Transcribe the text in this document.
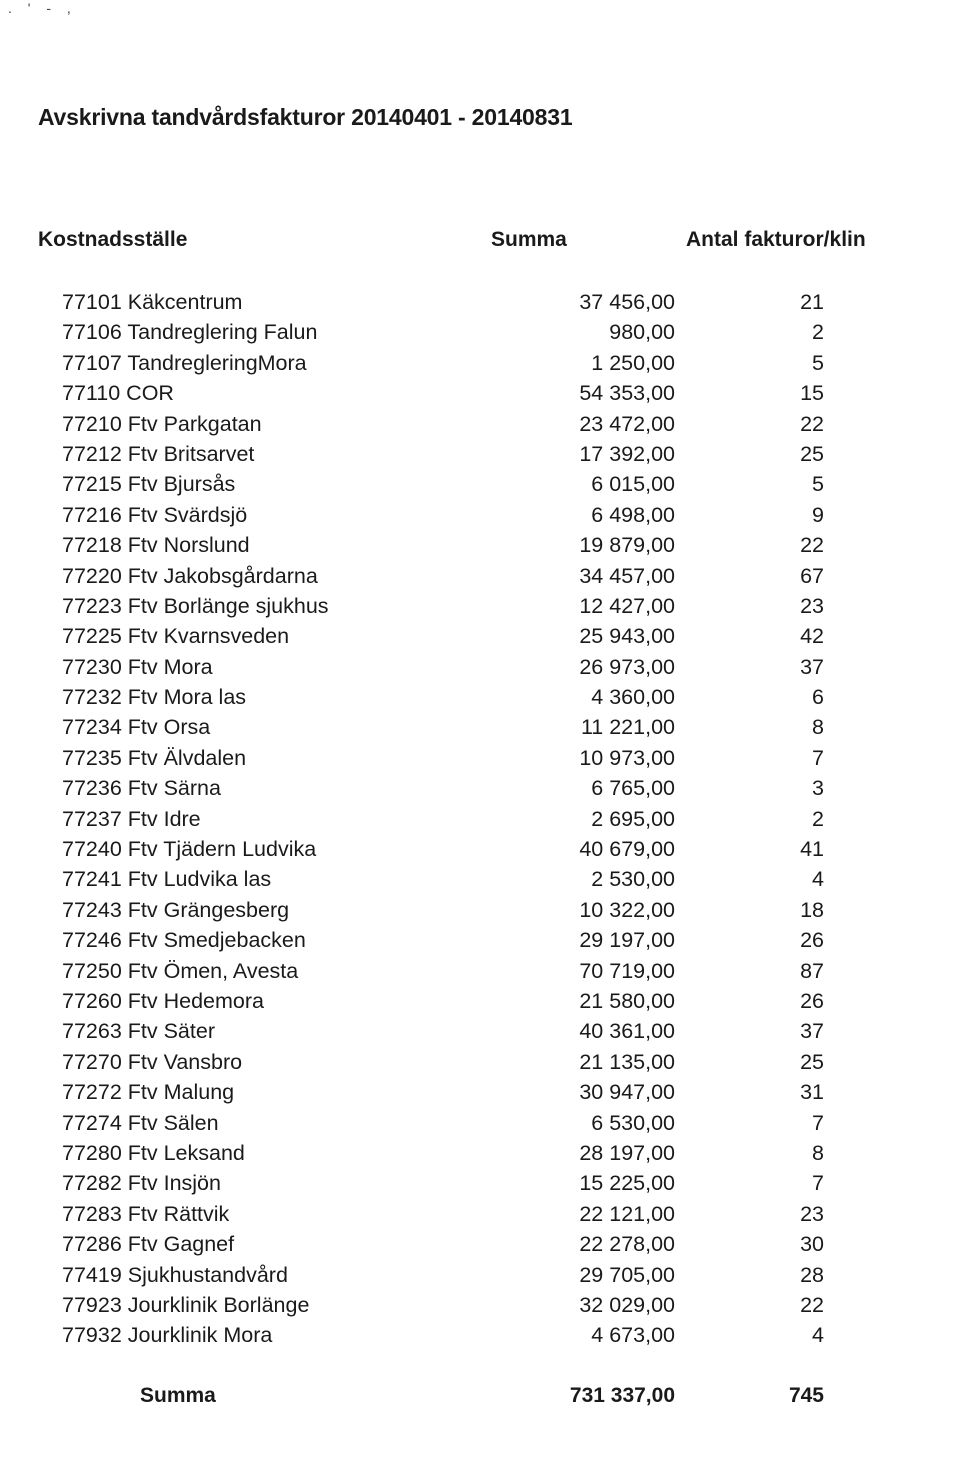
. ' - ,
Avskrivna tandvårdsfakturor 20140401 - 20140831
Kostnadsställe	Summa	Antal fakturor/klin
77101 Käkcentrum	37 456,00	21
77106 Tandreglering Falun	980,00	2
77107 TandregleringMora	1 250,00	5
77110 COR	54 353,00	15
77210 Ftv Parkgatan	23 472,00	22
77212 Ftv Britsarvet	17 392,00	25
77215 Ftv Bjursås	6 015,00	5
77216 Ftv Svärdsjö	6 498,00	9
77218 Ftv Norslund	19 879,00	22
77220 Ftv Jakobsgårdarna	34 457,00	67
77223 Ftv Borlänge sjukhus	12 427,00	23
77225 Ftv Kvarnsveden	25 943,00	42
77230 Ftv Mora	26 973,00	37
77232 Ftv Mora las	4 360,00	6
77234 Ftv Orsa	11 221,00	8
77235 Ftv Älvdalen	10 973,00	7
77236 Ftv Särna	6 765,00	3
77237 Ftv Idre	2 695,00	2
77240 Ftv Tjädern Ludvika	40 679,00	41
77241 Ftv Ludvika las	2 530,00	4
77243 Ftv Grängesberg	10 322,00	18
77246 Ftv Smedjebacken	29 197,00	26
77250 Ftv Ömen, Avesta	70 719,00	87
77260 Ftv Hedemora	21 580,00	26
77263 Ftv Säter	40 361,00	37
77270 Ftv Vansbro	21 135,00	25
77272 Ftv Malung	30 947,00	31
77274 Ftv Sälen	6 530,00	7
77280 Ftv Leksand	28 197,00	8
77282 Ftv Insjön	15 225,00	7
77283 Ftv Rättvik	22 121,00	23
77286 Ftv Gagnef	22 278,00	30
77419 Sjukhustandvård	29 705,00	28
77923 Jourklinik Borlänge	32 029,00	22
77932 Jourklinik Mora	4 673,00	4
Summa	731 337,00	745
